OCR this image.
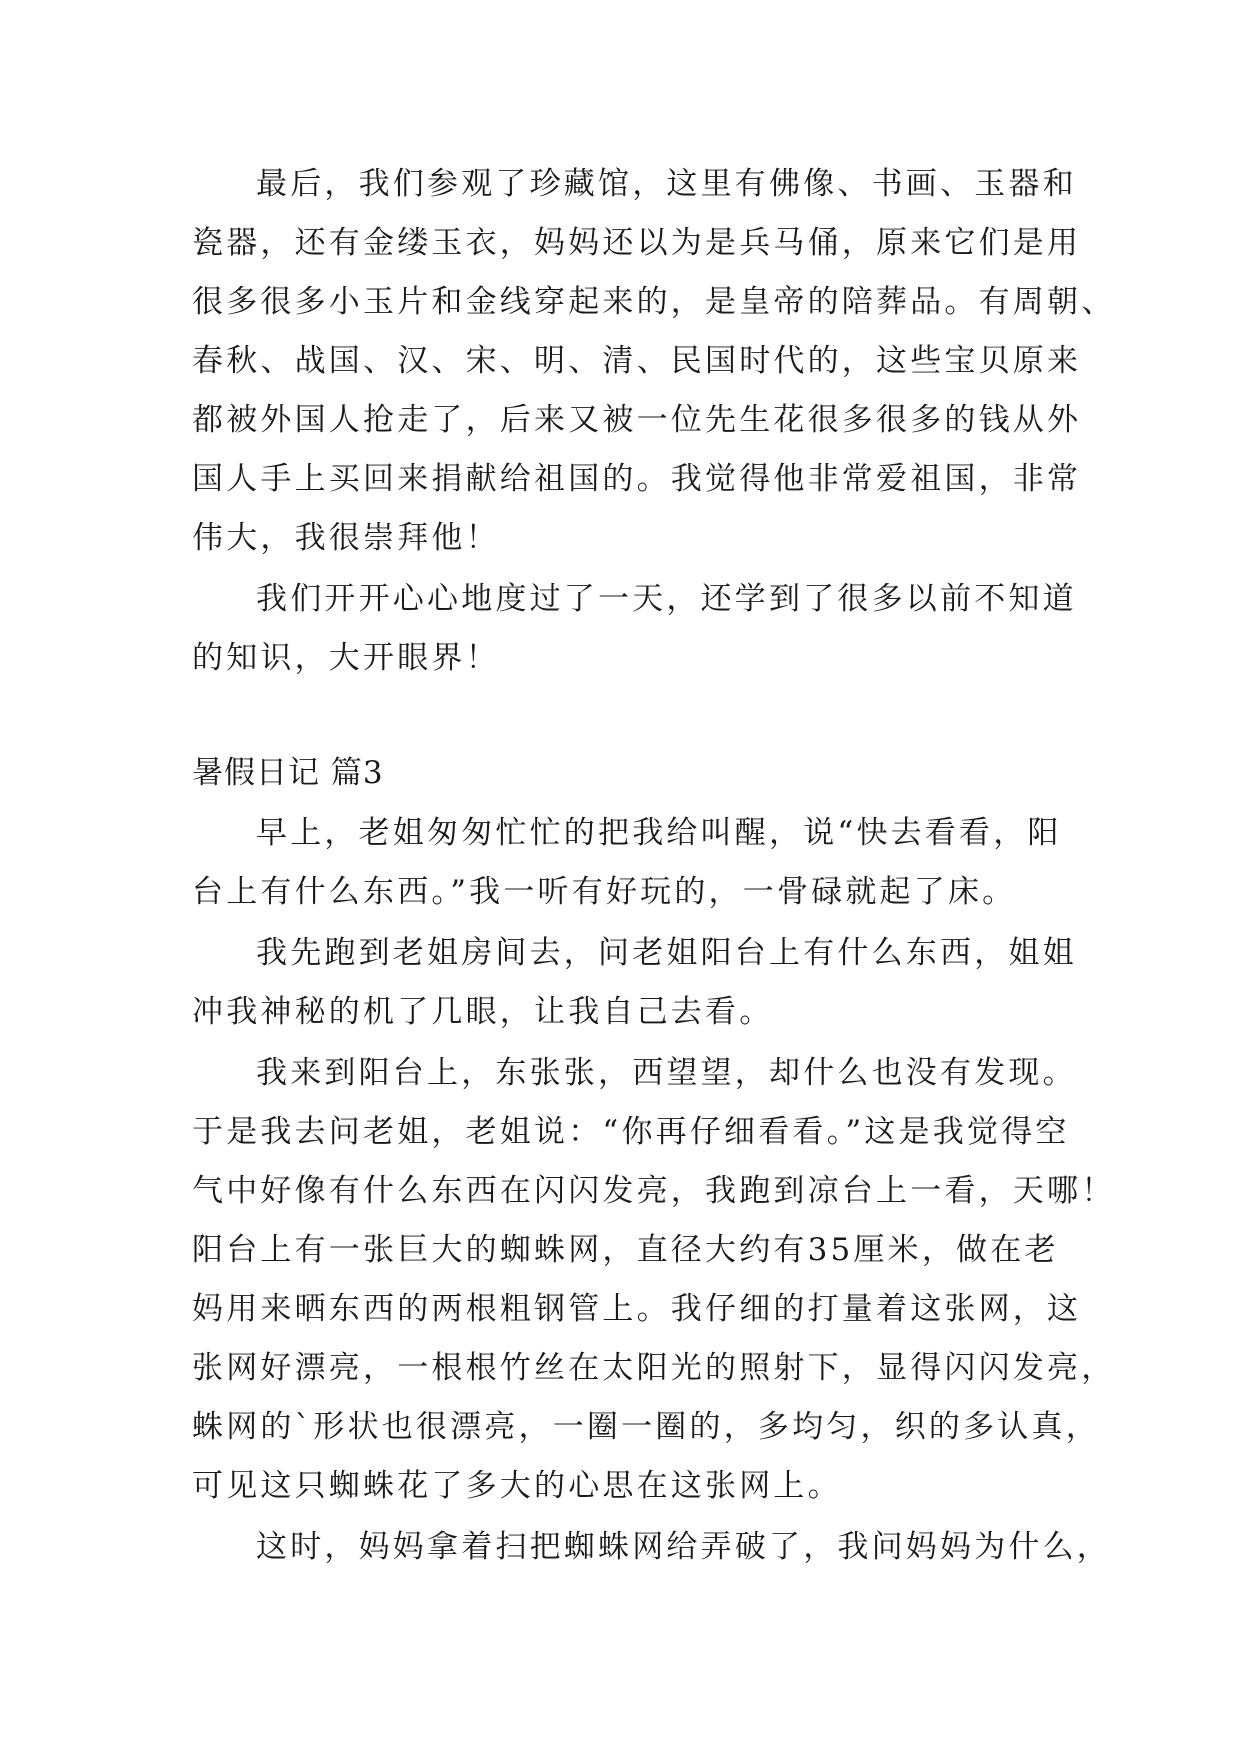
最后，我们参观了珍藏馆，这里有佛像、书画、玉器和
瓷器，还有金缕玉衣，妈妈还以为是兵马俑，原来它们是用
很多很多小玉片和金线穿起来的，是皇帝的陪葬品。有周朝、
春秋、战国、汉、宋、明、清、民国时代的，这些宝贝原来
都被外国人抢走了，后来又被一位先生花很多很多的钱从外
国人手上买回来捐献给祖国的。我觉得他非常爱祖国，非常
伟大，我很崇拜他！
我们开开心心地度过了一天，还学到了很多以前不知道
的知识，大开眼界！
暑假日记 篇3
早上，老姐匆匆忙忙的把我给叫醒，说“快去看看，阳
台上有什么东西。”我一听有好玩的，一骨碌就起了床。
我先跑到老姐房间去，问老姐阳台上有什么东西，姐姐
冲我神秘的机了几眼，让我自己去看。
我来到阳台上，东张张，西望望，却什么也没有发现。
于是我去问老姐，老姐说：“你再仔细看看。”这是我觉得空
气中好像有什么东西在闪闪发亮，我跑到凉台上一看，天哪！
阳台上有一张巨大的蜘蛛网，直径大约有35厘米，做在老
妈用来晒东西的两根粗钢管上。我仔细的打量着这张网，这
张网好漂亮，一根根竹丝在太阳光的照射下，显得闪闪发亮，
蛛网的`形状也很漂亮，一圈一圈的，多均匀，织的多认真，
可见这只蜘蛛花了多大的心思在这张网上。
这时，妈妈拿着扫把蜘蛛网给弄破了，我问妈妈为什么，
